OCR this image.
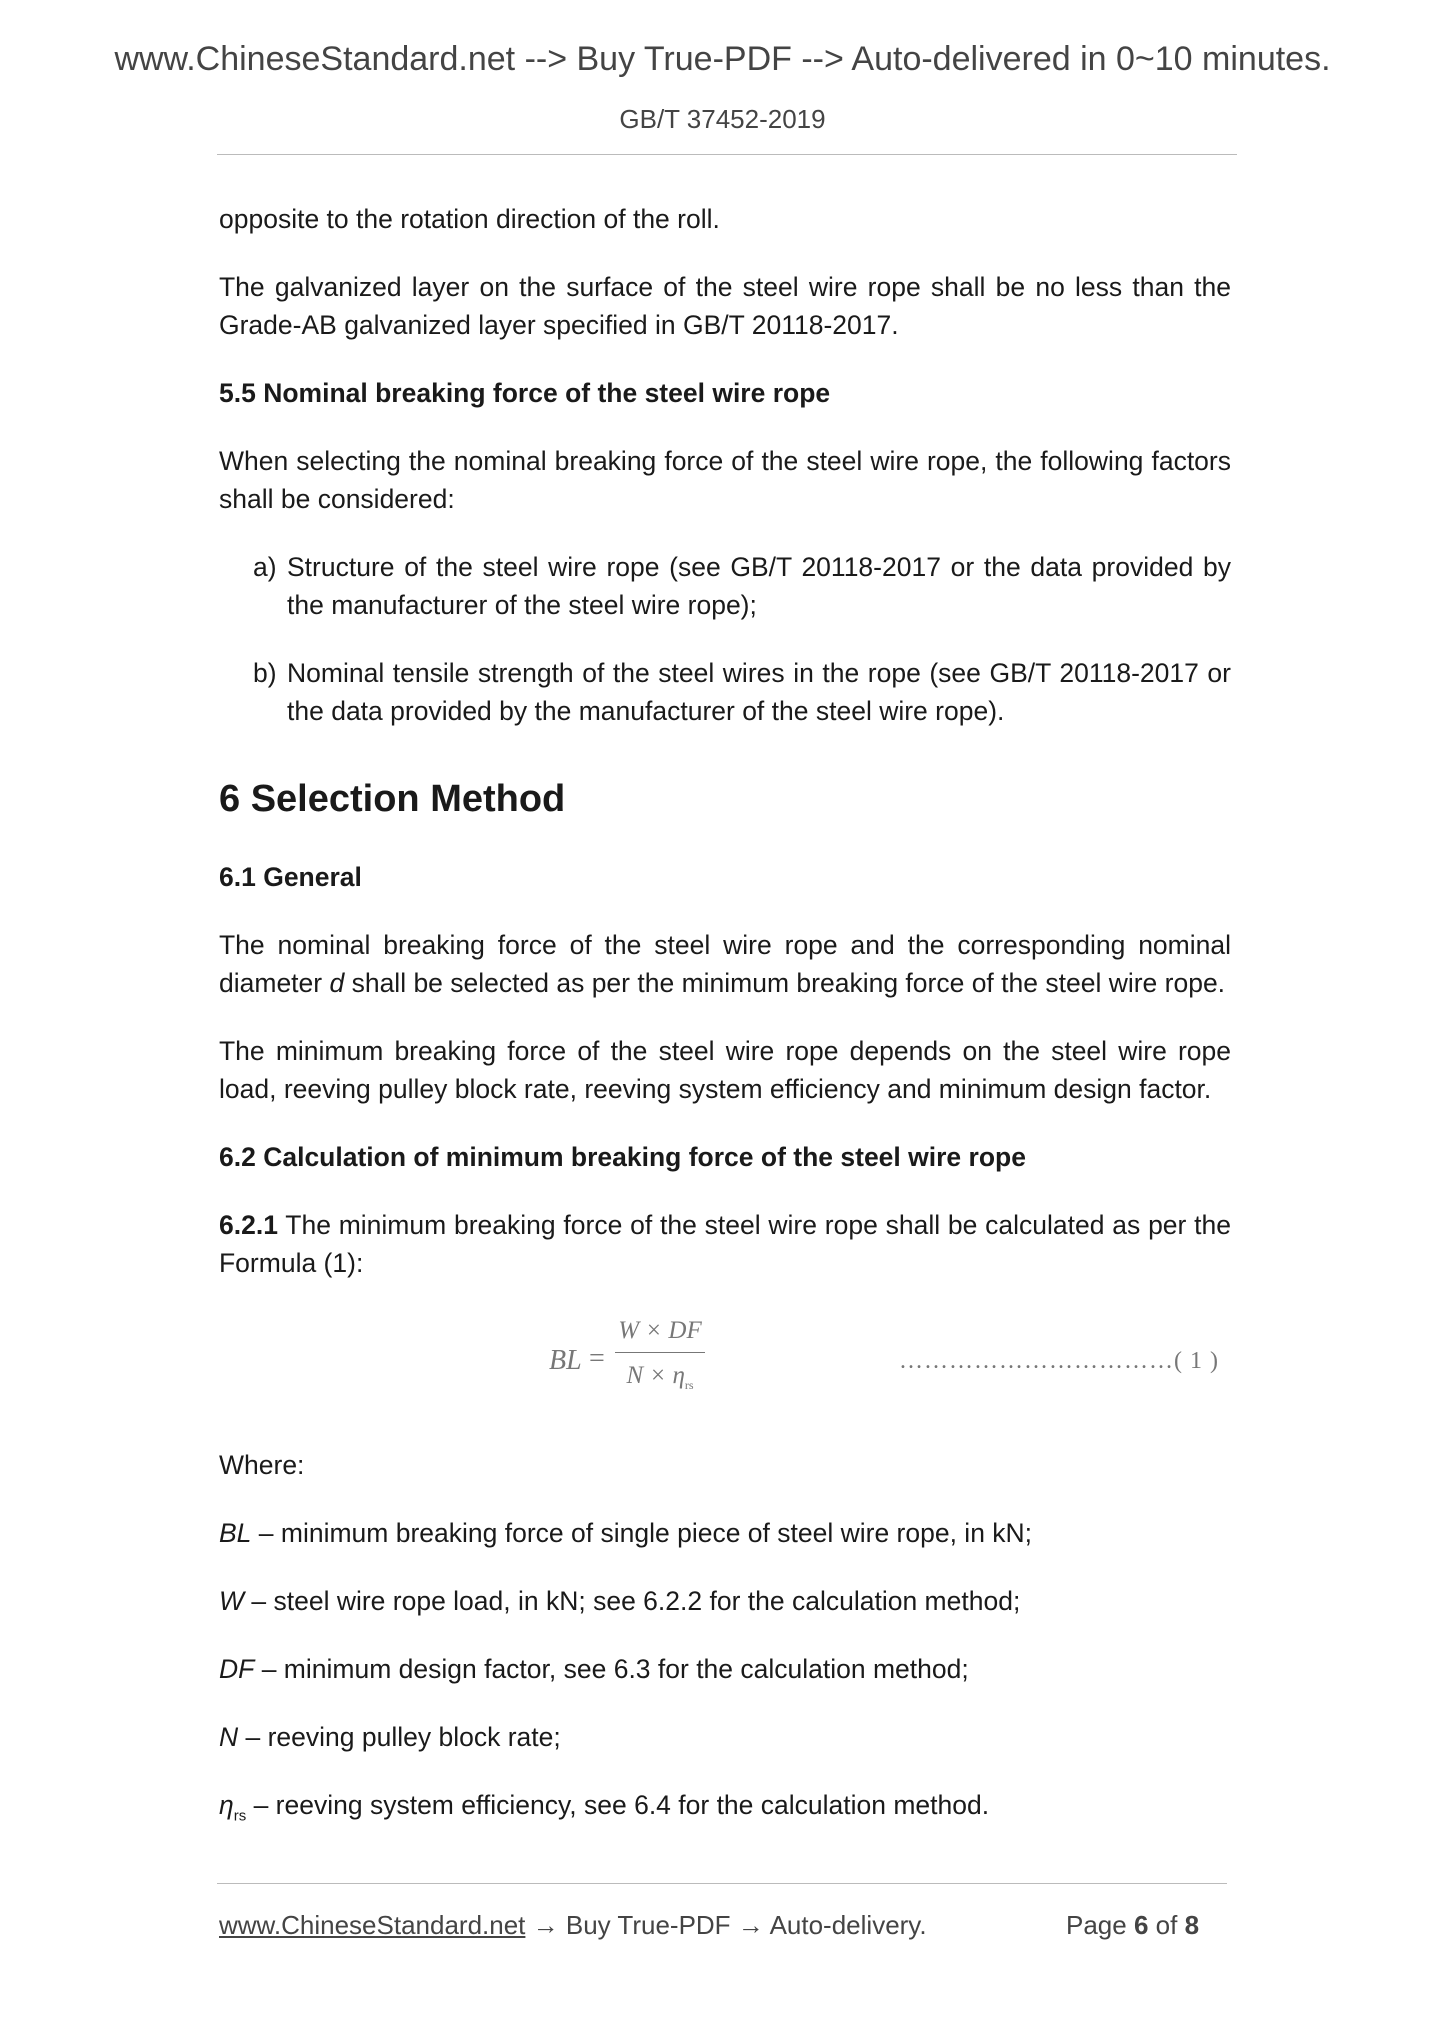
www.ChineseStandard.net --> Buy True-PDF --> Auto-delivered in 0~10 minutes.
GB/T 37452-2019

opposite to the rotation direction of the roll.

The galvanized layer on the surface of the steel wire rope shall be no less than the Grade-AB galvanized layer specified in GB/T 20118-2017.

5.5 Nominal breaking force of the steel wire rope

When selecting the nominal breaking force of the steel wire rope, the following factors shall be considered:

a) Structure of the steel wire rope (see GB/T 20118-2017 or the data provided by the manufacturer of the steel wire rope);
b) Nominal tensile strength of the steel wires in the rope (see GB/T 20118-2017 or the data provided by the manufacturer of the steel wire rope).

6 Selection Method

6.1 General

The nominal breaking force of the steel wire rope and the corresponding nominal diameter d shall be selected as per the minimum breaking force of the steel wire rope.

The minimum breaking force of the steel wire rope depends on the steel wire rope load, reeving pulley block rate, reeving system efficiency and minimum design factor.

6.2 Calculation of minimum breaking force of the steel wire rope

6.2.1 The minimum breaking force of the steel wire rope shall be calculated as per the Formula (1):

BL =
W × DF
$N \times \eta_{rs}$
……………………………( 1 )

Where:

BL – minimum breaking force of single piece of steel wire rope, in kN;

W – steel wire rope load, in kN; see 6.2.2 for the calculation method;

DF – minimum design factor, see 6.3 for the calculation method;

N – reeving pulley block rate;

$\eta_{rs}$ – reeving system efficiency, see 6.4 for the calculation method.

www.ChineseStandard.net → Buy True-PDF → Auto-delivery.	Page 6 of 8
